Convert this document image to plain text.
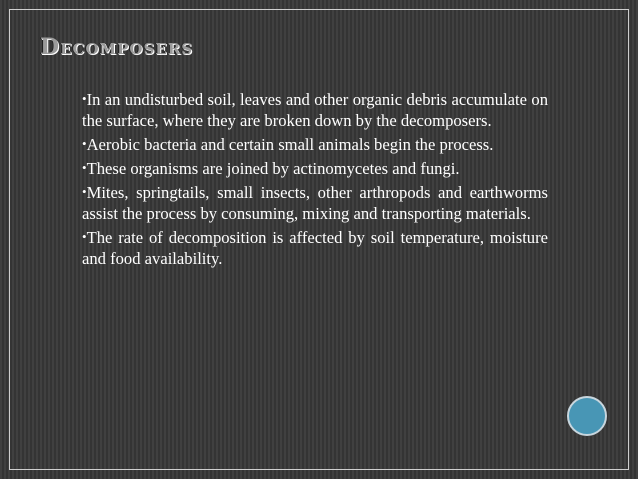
Decomposers
•In an undisturbed soil, leaves and other organic debris accumulate on the surface, where they are broken down by the decomposers.
•Aerobic bacteria and certain small animals begin the process.
•These organisms are joined by actinomycetes and fungi.
•Mites, springtails, small insects, other arthropods and earthworms assist the process by consuming, mixing and transporting materials.
•The rate of decomposition is affected by soil temperature, moisture and food availability.
